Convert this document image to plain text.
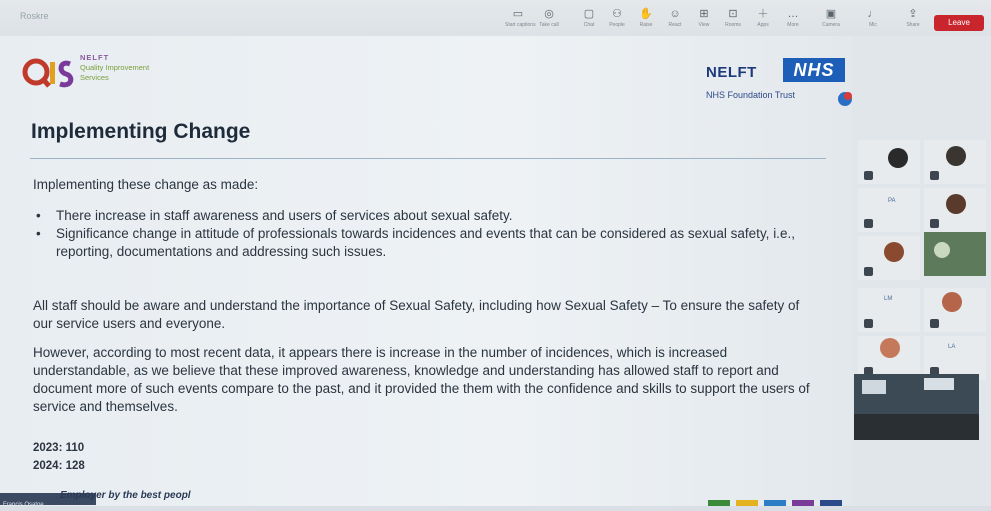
Roskre	▭
Start captions
◎
Take call
▢
Chat
⚇
People
✋
Raise
☺
React
⊞
View
⊡
Rooms
＋
Apps
…
More
▣
Camera
♩
Mic
⇪
Share	Leave
NELFT
Quality Improvement
Services	NELFT	NHS
NHS Foundation Trust
Implementing Change
Implementing these change as made:
• There increase in staff awareness and users of services about sexual safety.
• Significance change in attitude of professionals towards incidences and events that can be considered as sexual safety, i.e., reporting, documentations and addressing such issues.
All staff should be aware and understand the importance of Sexual Safety, including how Sexual Safety – To ensure the safety of our service users and everyone.
However, according to most recent data, it appears there is increase in the number of incidences, which is increased understandable, as we believe that these improved awareness, knowledge and understanding has allowed staff to report and document more of such events compare to the past, and it provided the them with the confidence and skills to support the users of service and themselves.
2023: 110
2024: 128
Francis Osatoe
Employer by the best peopl
PA
LM
LA
